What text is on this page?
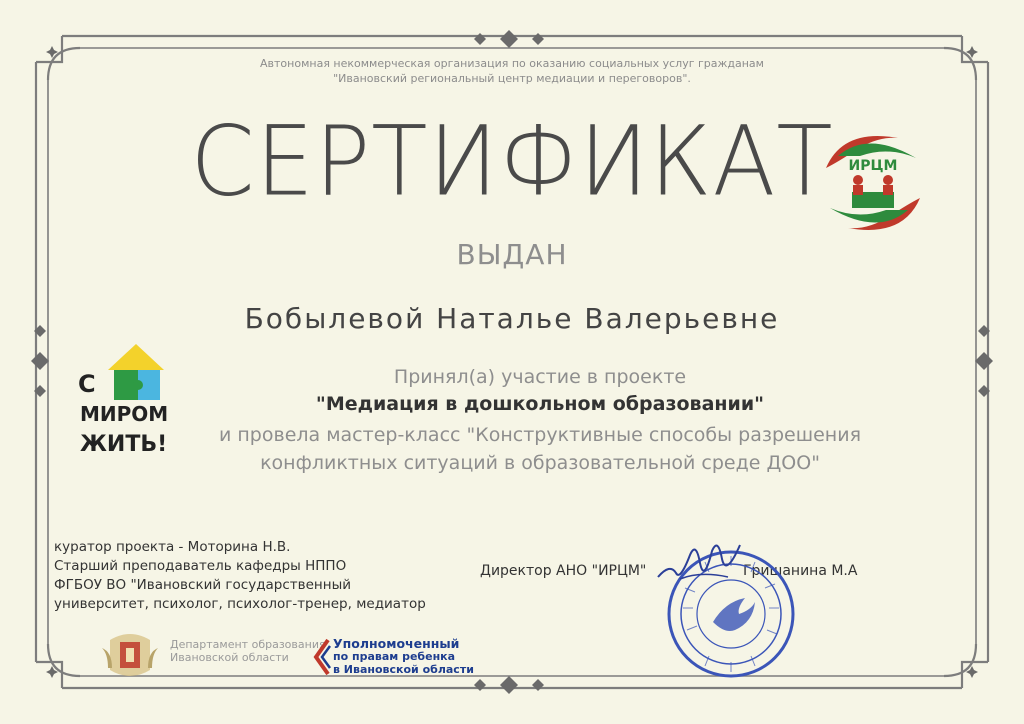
Автономная некоммерческая организация по оказанию социальных услуг гражданам
"Ивановский региональный центр медиации и переговоров".
СЕРТИФИКАТ	ИРЦМ
ВЫДАН
Бобылевой Наталье Валерьевне
Принял(а) участие в проекте
"Медиация в дошкольном образовании"
и провела мастер-класс "Конструктивные способы разрешения
конфликтных ситуаций в образовательной среде ДОО"
С
МИРОМ
ЖИТЬ!
куратор проекта - Моторина Н.В.
Старший преподаватель кафедры НППО
ФГБОУ ВО "Ивановский государственный
университет, психолог, психолог-тренер, медиатор
Директор АНО "ИРЦМ"	Гришанина М.А
Департамент образования
Ивановской области
Уполномоченный
по правам ребенка
в Ивановской области
